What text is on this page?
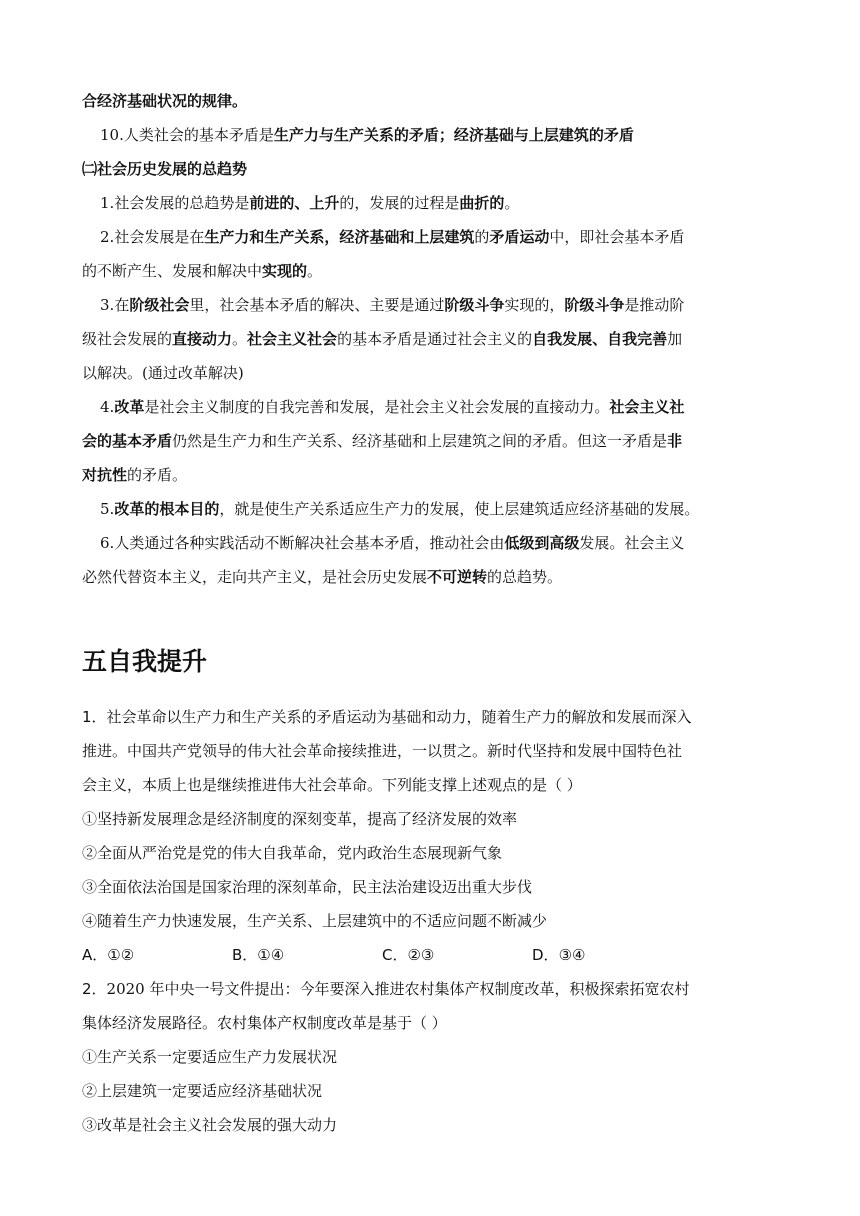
合经济基础状况的规律。
10.人类社会的基本矛盾是生产力与生产关系的矛盾；经济基础与上层建筑的矛盾
㈡社会历史发展的总趋势
1.社会发展的总趋势是前进的、上升的，发展的过程是曲折的。
2.社会发展是在生产力和生产关系，经济基础和上层建筑的矛盾运动中，即社会基本矛盾
的不断产生、发展和解决中实现的。
3.在阶级社会里，社会基本矛盾的解决、主要是通过阶级斗争实现的，阶级斗争是推动阶
级社会发展的直接动力。社会主义社会的基本矛盾是通过社会主义的自我发展、自我完善加
以解决。(通过改革解决)
4.改革是社会主义制度的自我完善和发展，是社会主义社会发展的直接动力。社会主义社
会的基本矛盾仍然是生产力和生产关系、经济基础和上层建筑之间的矛盾。但这一矛盾是非
对抗性的矛盾。
5.改革的根本目的，就是使生产关系适应生产力的发展，使上层建筑适应经济基础的发展。
6.人类通过各种实践活动不断解决社会基本矛盾，推动社会由低级到高级发展。社会主义
必然代替资本主义，走向共产主义，是社会历史发展不可逆转的总趋势。
五自我提升
1．社会革命以生产力和生产关系的矛盾运动为基础和动力，随着生产力的解放和发展而深入
推进。中国共产党领导的伟大社会革命接续推进，一以贯之。新时代坚持和发展中国特色社
会主义，本质上也是继续推进伟大社会革命。下列能支撑上述观点的是（ ）
①坚持新发展理念是经济制度的深刻变革，提高了经济发展的效率
②全面从严治党是党的伟大自我革命，党内政治生态展现新气象
③全面依法治国是国家治理的深刻革命，民主法治建设迈出重大步伐
④随着生产力快速发展，生产关系、上层建筑中的不适应问题不断减少
A．①②	B．①④	C．②③	D．③④
2．2020 年中央一号文件提出：今年要深入推进农村集体产权制度改革，积极探索拓宽农村
集体经济发展路径。农村集体产权制度改革是基于（ ）
①生产关系一定要适应生产力发展状况
②上层建筑一定要适应经济基础状况
③改革是社会主义社会发展的强大动力
